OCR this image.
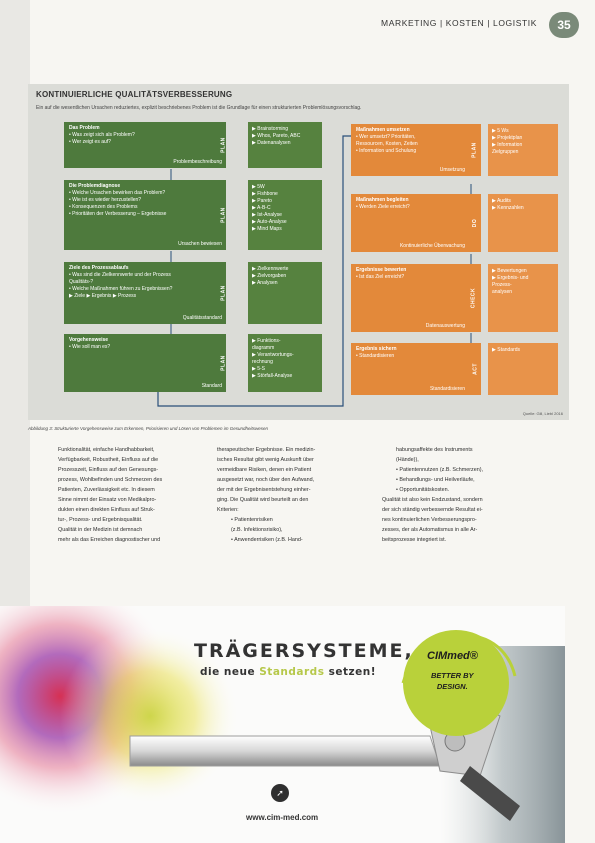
MARKETING | KOSTEN | LOGISTIK	35
KONTINUIERLICHE QUALITÄTSVERBESSERUNG
Ein auf die wesentlichen Ursachen reduziertes, explizit beschriebenes Problem ist die Grundlage für einen strukturierten Problemlösungsvorschlag.
Das Problem
• Was zeigt sich als Problem?
• Wer zeigt es auf?
Problembeschreibung
PLAN
▶ Brainstorming
▶ Whos, Pareto, ABC
▶ Datenanalysen
Die Problemdiagnose
• Welche Ursachen bewirken das Problem?
• Wie ist es wieder herzustellen?
• Konsequenzen des Problems
• Prioritäten der Verbesserung – Ergebnisse
Ursachen bewiesen
PLAN
▶ 5W
▶ Fishbone
▶ Pareto
▶ A-B-C
▶ Ist-Analyse
▶ Auto-Analyse
▶ Mind Maps
Ziele des Prozessablaufs
• Was sind die Zielkennwerte und der Prozess
Qualitäts-?
• Welche Maßnahmen führen zu Ergebnissen?
▶ Ziele ▶ Ergebnis ▶ Prozess
Qualitätsstandard
PLAN
▶ Zielkennwerte
▶ Zielvorgaben
▶ Analysen
Vorgehensweise
• Wie soll man es?
Standard
PLAN
▶ Funktions-
diagramm
▶ Verantwortungs-
rechnung
▶ 5-S
▶ Störfall-Analyse
Maßnahmen umsetzen
• Wer umsetzt? Prioritäten,
Ressourcen, Kosten, Zeiten
• Information und Schulung
Umsetzung
PLAN
▶ 5 Ws
▶ Projektplan
▶ Information
Zielgruppen
Maßnahmen begleiten
• Werden Ziele erreicht?
Kontinuierliche Überwachung
DO
▶ Audits
▶ Kennzahlen
Ergebnisse bewerten
• Ist das Ziel erreicht?
Datenauswertung
CHECK
▶ Bewertungen
▶ Ergebnis- und
Prozess-
analysen
Ergebnis sichern
• Standardisieren
Standardisieren
ACT
▶ Standards
Quelle: Gill, Liebl 2016
Abbildung 3: Strukturierte Vorgehensweise zum Erkennen, Priorisieren und Lösen von Problemen im Gesundheitswesen

Funktionalität, einfache Handhabbarkeit,

Verfügbarkeit, Robustheit, Einfluss auf die

Prozesszeit, Einfluss auf den Genesungs-

prozess, Wohlbefinden und Schmerzen des

Patienten, Zuverlässigkeit etc. In diesem

Sinne nimmt der Einsatz von Medikalpro-

dukten einen direkten Einfluss auf Struk-

tur-, Prozess- und Ergebnisqualität.

Qualität in der Medizin ist demnach

mehr als das Erreichen diagnostischer und

therapeutischer Ergebnisse. Ein medizin-

isches Resultat gibt wenig Auskunft über

vermeidbare Risiken, denen ein Patient

ausgesetzt war, noch über den Aufwand,

der mit der Ergebnisentstehung einher-

ging. Die Qualität wird beurteilt an den

Kriterien:

• Patientenrisiken

(z.B. Infektionsrisiko),

• Anwenderrisiken (z.B. Hand-

habungsaffekte des Instruments

(Hände)),

• Patientennutzen (z.B. Schmerzen),

• Behandlungs- und Heilverläufe,

• Opportunitätskosten.

Qualität ist also kein Endzustand, sondern

der sich ständig verbessernde Resultat ei-

nes kontinuierlichen Verbesserungspro-

zesses, der als Automatismus in alle Ar-

beitsprozesse integriert ist.

CIMmed®
BETTER BY
DESIGN.
TRÄGERSYSTEME,
die neue Standards setzen!
➚
www.cim-med.com
